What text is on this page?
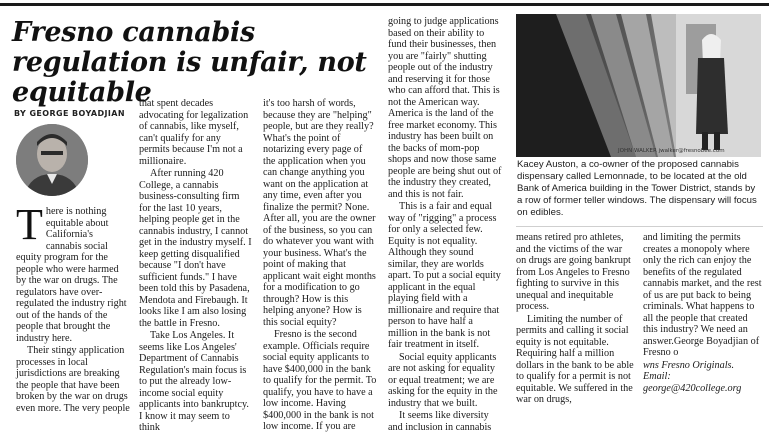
Fresno cannabis regulation is unfair, not equitable
BY GEORGE BOYADJIAN

There is nothing equitable about California's cannabis social equity program for the people who were harmed by the war on drugs. The regulators have over-regulated the industry right out of the hands of the people that brought the industry here.

Their stingy application processes in local jurisdictions are breaking the people that have been broken by the war on drugs even more. The very people

that spent decades advocating for legalization of cannabis, like myself, can't qualify for any permits because I'm not a millionaire.

After running 420 College, a cannabis business-consulting firm for the last 10 years, helping people get in the cannabis industry, I cannot get in the industry myself. I keep getting disqualified because "I don't have sufficient funds." I have been told this by Pasadena, Mendota and Firebaugh. It looks like I am also losing the battle in Fresno.

Take Los Angeles. It seems like Los Angeles' Department of Cannabis Regulation's main focus is to put the already low-income social equity applicants into bankruptcy. I know it may seem to think

it's too harsh of words, because they are "helping" people, but are they really? What's the point of notarizing every page of the application when you can change anything you want on the application at any time, even after you finalize the permit? None. After all, you are the owner of the business, so you can do whatever you want with your business. What's the point of making that applicant wait eight months for a modification to go through? How is this helping anyone? How is this social equity?

Fresno is the second example. Officials require social equity applicants to have $400,000 in the bank to qualify for the permit. To qualify, you have to have a low income. Having $400,000 in the bank is not low income. If you are

going to judge applications based on their ability to fund their businesses, then you are "fairly" shutting people out of the industry and reserving it for those who can afford that. This is not the American way. America is the land of the free market economy. This industry has been built on the backs of mom-pop shops and now those same people are being shut out of the industry they created, and this is not fair.

This is a fair and equal way of "rigging" a process for only a selected few. Equity is not equality. Although they sound similar, they are worlds apart. To put a social equity applicant in the equal playing field with a millionaire and require that person to have half a million in the bank is not fair treatment in itself.

Social equity applicants are not asking for equality or equal treatment; we are asking for the equity in the industry that we built.

It seems like diversity and inclusion in cannabis

JOHN WALKER jwalker@fresnobee.com
Kacey Auston, a co-owner of the proposed cannabis dispensary called Lemonnade, to be located at the old Bank of America building in the Tower District, stands by a row of former teller windows. The dispensary will focus on edibles.

means retired pro athletes, and the victims of the war on drugs are going bankrupt from Los Angeles to Fresno fighting to survive in this unequal and inequitable process.

Limiting the number of permits and calling it social equity is not equitable. Requiring half a million dollars in the bank to be able to qualify for a permit is not equitable. We suffered in the war on drugs,

and limiting the permits creates a monopoly where only the rich can enjoy the benefits of the regulated cannabis market, and the rest of us are put back to being criminals. What happens to all the people that created this industry? We need an answer.George Boyadjian of Fresno o

wns Fresno Originals. Email: george@420college.org
